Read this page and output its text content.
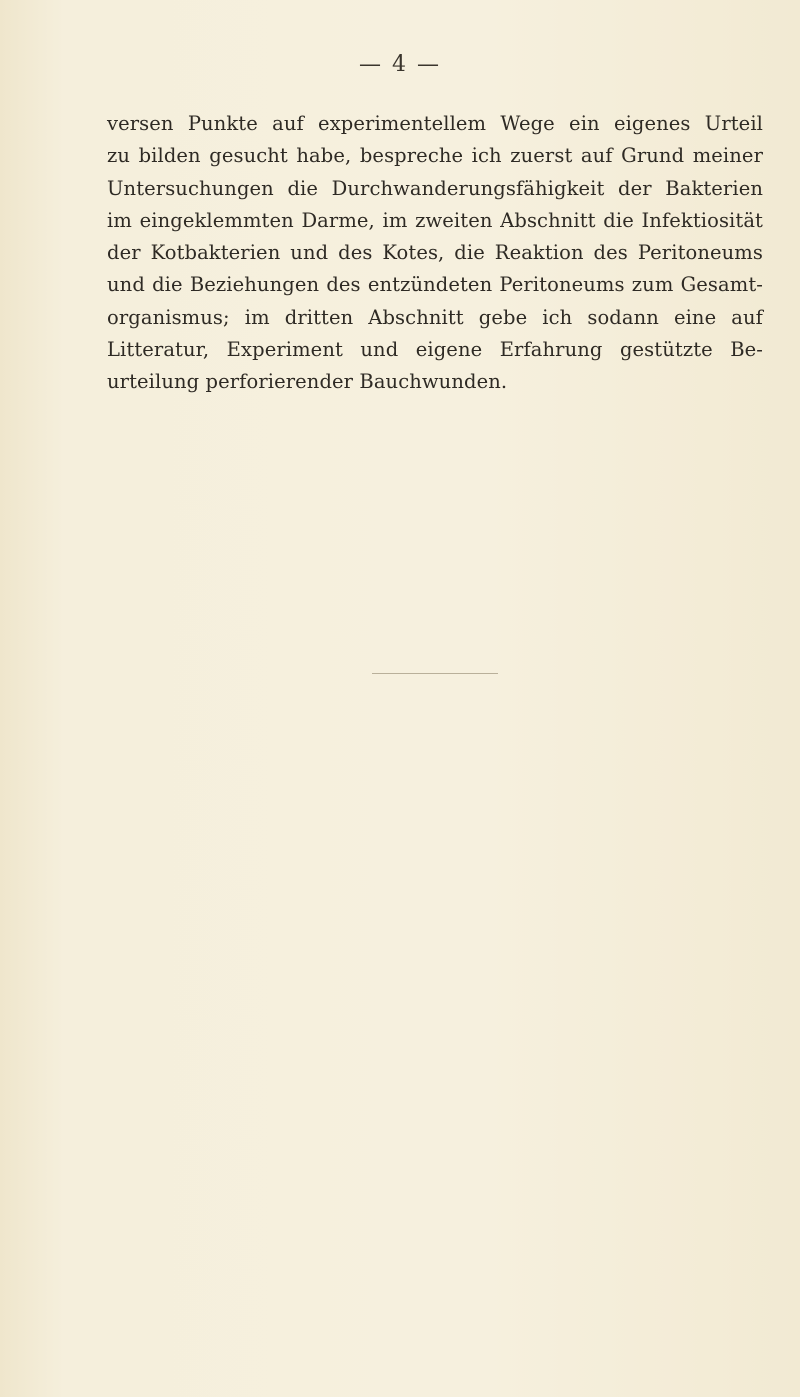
— 4 —
versen Punkte auf experimentellem Wege ein eigenes Urteil
zu bilden gesucht habe, bespreche ich zuerst auf Grund meiner
Untersuchungen die Durchwanderungsfähigkeit der Bakterien
im eingeklemmten Darme, im zweiten Abschnitt die Infektiosität
der Kotbakterien und des Kotes, die Reaktion des Peritoneums
und die Beziehungen des entzündeten Peritoneums zum Gesamt-
organismus; im dritten Abschnitt gebe ich sodann eine auf
Litteratur, Experiment und eigene Erfahrung gestützte Be-
urteilung perforierender Bauchwunden.
